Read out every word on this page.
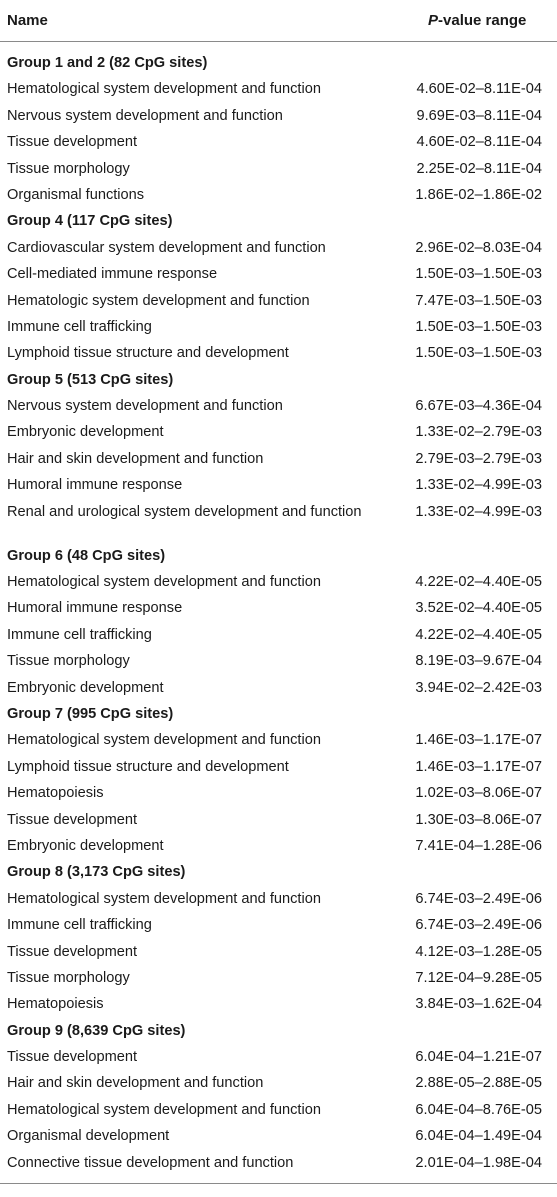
Name	P-value range
Group 1 and 2 (82 CpG sites)
Hematological system development and function	4.60E-02–8.11E-04
Nervous system development and function	9.69E-03–8.11E-04
Tissue development	4.60E-02–8.11E-04
Tissue morphology	2.25E-02–8.11E-04
Organismal functions	1.86E-02–1.86E-02
Group 4 (117 CpG sites)
Cardiovascular system development and function	2.96E-02–8.03E-04
Cell-mediated immune response	1.50E-03–1.50E-03
Hematologic system development and function	7.47E-03–1.50E-03
Immune cell trafficking	1.50E-03–1.50E-03
Lymphoid tissue structure and development	1.50E-03–1.50E-03
Group 5 (513 CpG sites)
Nervous system development and function	6.67E-03–4.36E-04
Embryonic development	1.33E-02–2.79E-03
Hair and skin development and function	2.79E-03–2.79E-03
Humoral immune response	1.33E-02–4.99E-03
Renal and urological system development and function	1.33E-02–4.99E-03
Group 6 (48 CpG sites)
Hematological system development and function	4.22E-02–4.40E-05
Humoral immune response	3.52E-02–4.40E-05
Immune cell trafficking	4.22E-02–4.40E-05
Tissue morphology	8.19E-03–9.67E-04
Embryonic development	3.94E-02–2.42E-03
Group 7 (995 CpG sites)
Hematological system development and function	1.46E-03–1.17E-07
Lymphoid tissue structure and development	1.46E-03–1.17E-07
Hematopoiesis	1.02E-03–8.06E-07
Tissue development	1.30E-03–8.06E-07
Embryonic development	7.41E-04–1.28E-06
Group 8 (3,173 CpG sites)
Hematological system development and function	6.74E-03–2.49E-06
Immune cell trafficking	6.74E-03–2.49E-06
Tissue development	4.12E-03–1.28E-05
Tissue morphology	7.12E-04–9.28E-05
Hematopoiesis	3.84E-03–1.62E-04
Group 9 (8,639 CpG sites)
Tissue development	6.04E-04–1.21E-07
Hair and skin development and function	2.88E-05–2.88E-05
Hematological system development and function	6.04E-04–8.76E-05
Organismal development	6.04E-04–1.49E-04
Connective tissue development and function	2.01E-04–1.98E-04
